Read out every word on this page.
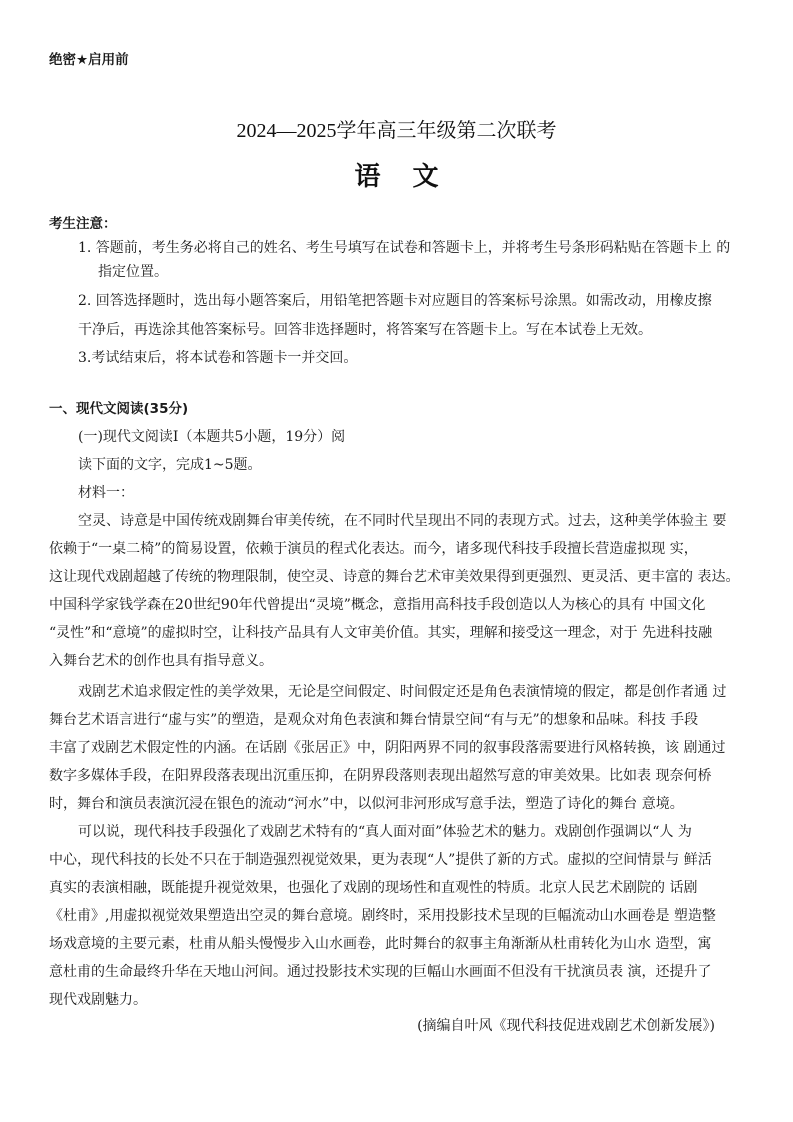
绝密★启用前
2024—2025学年高三年级第二次联考
语文
考生注意：
1. 答题前，考生务必将自己的姓名、考生号填写在试卷和答题卡上，并将考生号条形码粘贴在答题卡上 的
指定位置。
2. 回答选择题时，选出每小题答案后，用铅笔把答题卡对应题目的答案标号涂黑。如需改动，用橡皮擦
干净后，再选涂其他答案标号。回答非选择题时，将答案写在答题卡上。写在本试卷上无效。
3.考试结束后，将本试卷和答题卡一并交回。
一、现代文阅读(35分)
(一)现代文阅读I（本题共5小题，19分）阅
读下面的文字，完成1~5题。
材料一：
空灵、诗意是中国传统戏剧舞台审美传统，在不同时代呈现出不同的表现方式。过去，这种美学体验主 要
依赖于“一桌二椅”的简易设置，依赖于演员的程式化表达。而今，诸多现代科技手段擅长营造虚拟现 实，
这让现代戏剧超越了传统的物理限制，使空灵、诗意的舞台艺术审美效果得到更强烈、更灵活、更丰富的 表达。
中国科学家钱学森在20世纪90年代曾提出“灵境”概念，意指用高科技手段创造以人为核心的具有 中国文化
“灵性”和“意境”的虚拟时空，让科技产品具有人文审美价值。其实，理解和接受这一理念，对于 先进科技融
入舞台艺术的创作也具有指导意义。
戏剧艺术追求假定性的美学效果，无论是空间假定、时间假定还是角色表演情境的假定，都是创作者通 过
舞台艺术语言进行“虚与实”的塑造，是观众对角色表演和舞台情景空间“有与无”的想象和品味。科技 手段
丰富了戏剧艺术假定性的内涵。在话剧《张居正》中，阴阳两界不同的叙事段落需要进行风格转换，该 剧通过
数字多媒体手段，在阳界段落表现出沉重压抑，在阴界段落则表现出超然写意的审美效果。比如表 现奈何桥
时，舞台和演员表演沉浸在银色的流动“河水”中，以似河非河形成写意手法，塑造了诗化的舞台 意境。
可以说，现代科技手段强化了戏剧艺术特有的“真人面对面”体验艺术的魅力。戏剧创作强调以“人 为
中心，现代科技的长处不只在于制造强烈视觉效果，更为表现“人”提供了新的方式。虚拟的空间情景与 鲜活
真实的表演相融，既能提升视觉效果，也强化了戏剧的现场性和直观性的特质。北京人民艺术剧院的 话剧
《杜甫》,用虚拟视觉效果塑造出空灵的舞台意境。剧终时，采用投影技术呈现的巨幅流动山水画卷是 塑造整
场戏意境的主要元素，杜甫从船头慢慢步入山水画卷，此时舞台的叙事主角渐渐从杜甫转化为山水 造型，寓
意杜甫的生命最终升华在天地山河间。通过投影技术实现的巨幅山水画面不但没有干扰演员表 演，还提升了
现代戏剧魅力。
(摘编自叶风《现代科技促进戏剧艺术创新发展》)
